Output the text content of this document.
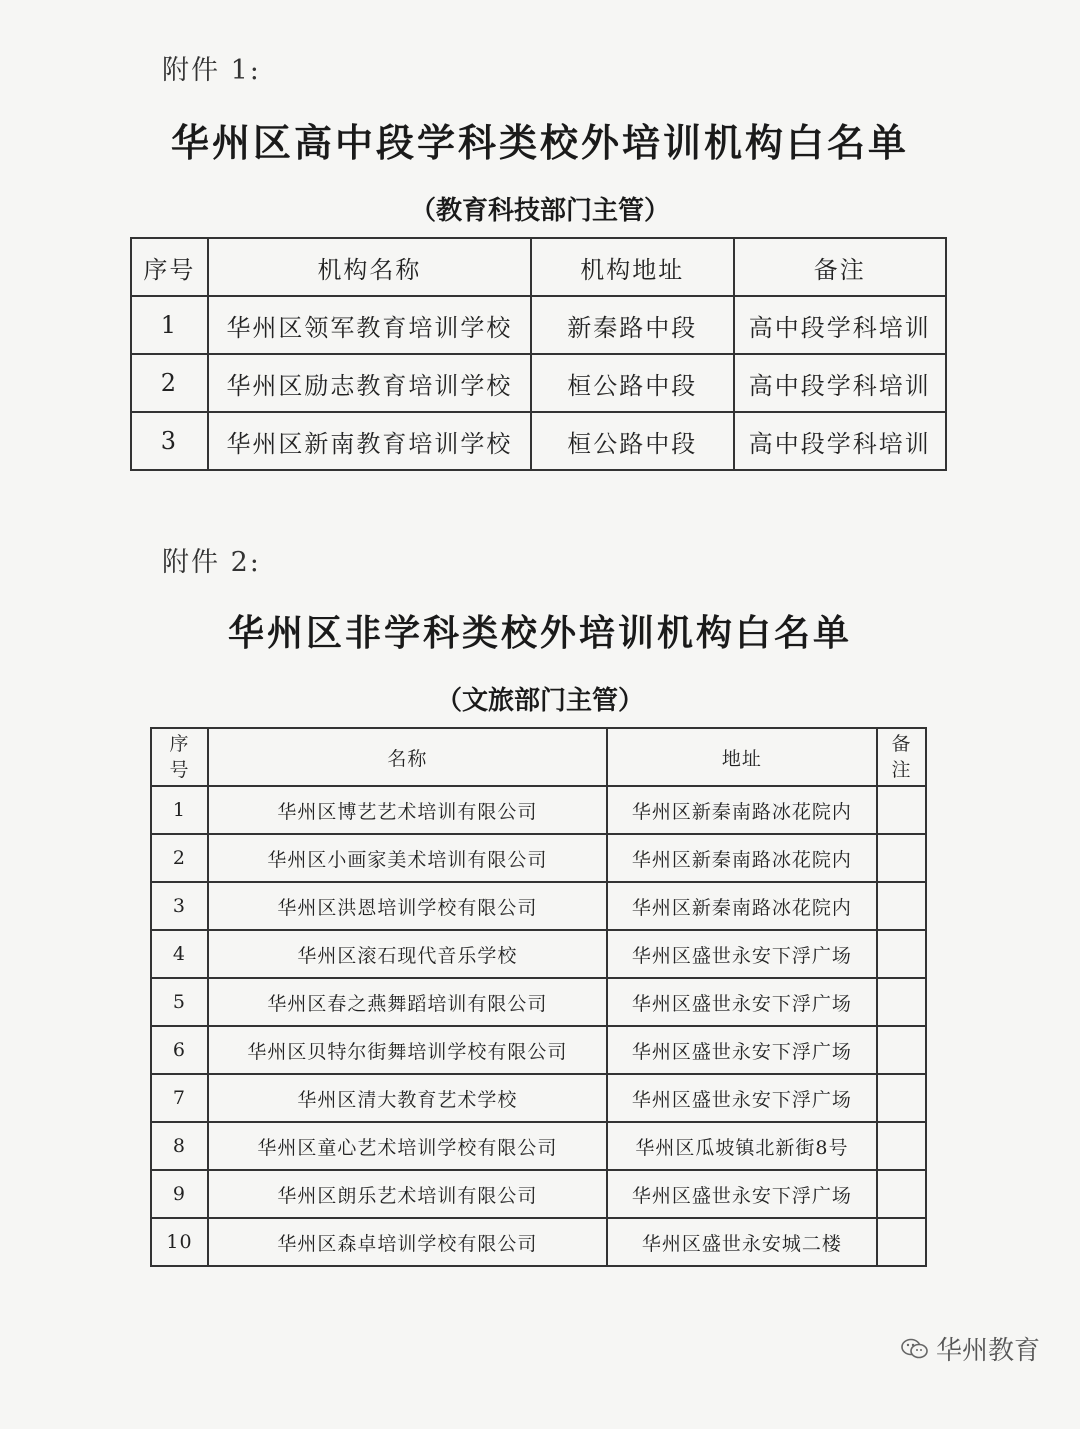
附件 1:
华州区高中段学科类校外培训机构白名单
（教育科技部门主管）
序号	机构名称	机构地址	备注
1	华州区领军教育培训学校	新秦路中段	高中段学科培训
2	华州区励志教育培训学校	桓公路中段	高中段学科培训
3	华州区新南教育培训学校	桓公路中段	高中段学科培训
附件 2:
华州区非学科类校外培训机构白名单
（文旅部门主管）
序号	名称	地址	备注
1	华州区博艺艺术培训有限公司	华州区新秦南路冰花院内	
2	华州区小画家美术培训有限公司	华州区新秦南路冰花院内	
3	华州区洪恩培训学校有限公司	华州区新秦南路冰花院内	
4	华州区滚石现代音乐学校	华州区盛世永安下浮广场	
5	华州区春之燕舞蹈培训有限公司	华州区盛世永安下浮广场	
6	华州区贝特尔街舞培训学校有限公司	华州区盛世永安下浮广场	
7	华州区清大教育艺术学校	华州区盛世永安下浮广场	
8	华州区童心艺术培训学校有限公司	华州区瓜坡镇北新街8号	
9	华州区朗乐艺术培训有限公司	华州区盛世永安下浮广场	
10	华州区森卓培训学校有限公司	华州区盛世永安城二楼	
华州教育
